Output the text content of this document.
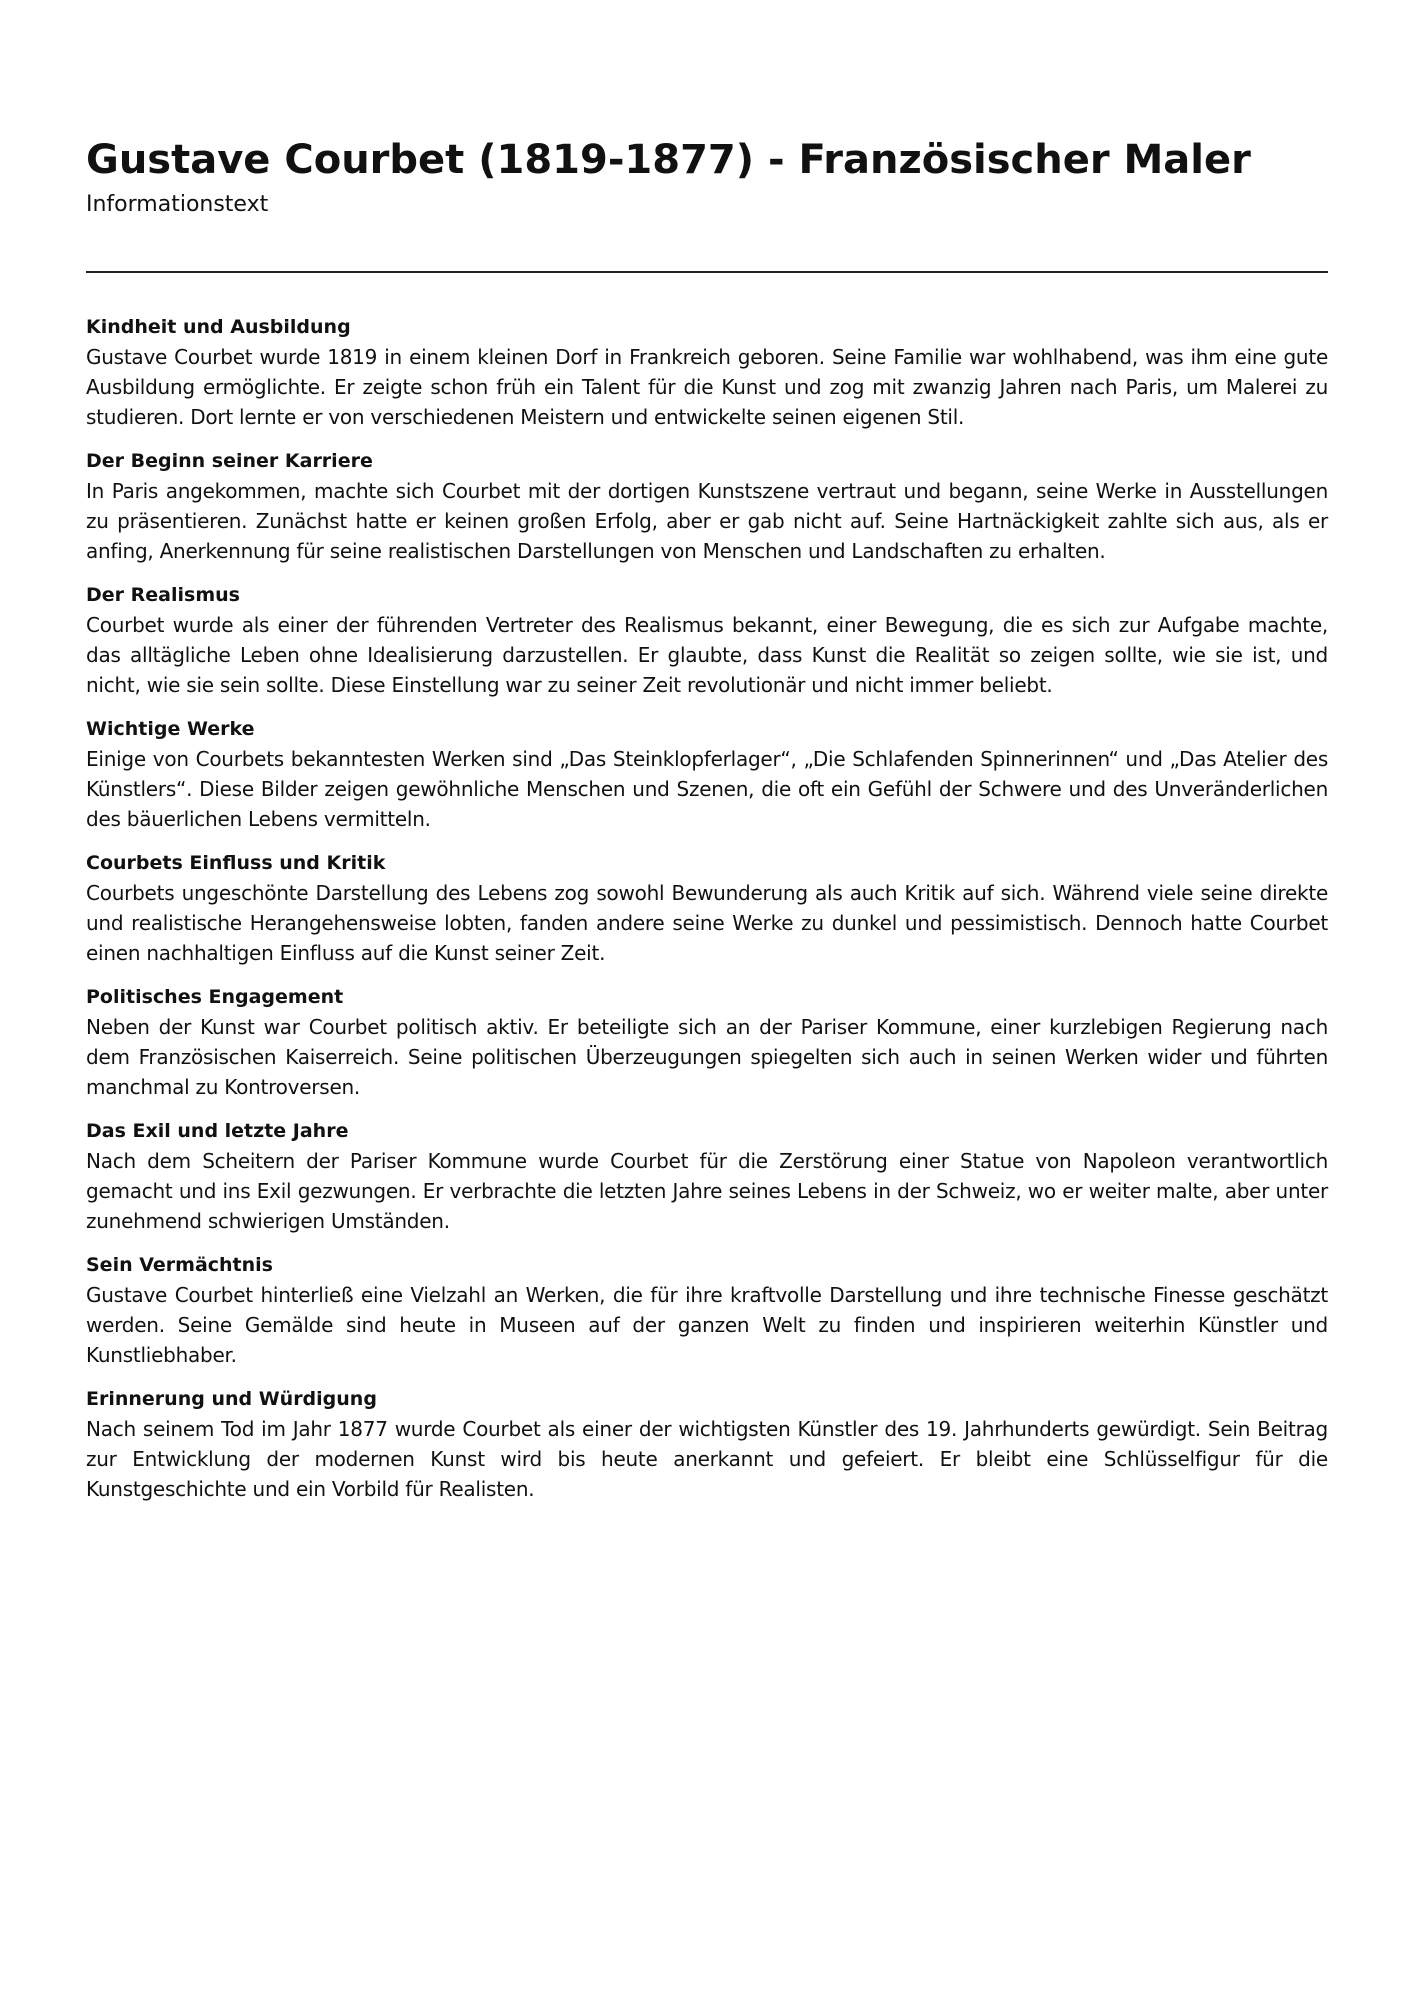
Gustave Courbet (1819-1877) - Französischer Maler
Informationstext
Kindheit und Ausbildung

Gustave Courbet wurde 1819 in einem kleinen Dorf in Frankreich geboren. Seine Familie war wohlhabend, was ihm eine gute Ausbildung ermöglichte. Er zeigte schon früh ein Talent für die Kunst und zog mit zwanzig Jahren nach Paris, um Malerei zu studieren. Dort lernte er von verschiedenen Meistern und entwickelte seinen eigenen Stil.

Der Beginn seiner Karriere

In Paris angekommen, machte sich Courbet mit der dortigen Kunstszene vertraut und begann, seine Werke in Ausstellungen zu präsentieren. Zunächst hatte er keinen großen Erfolg, aber er gab nicht auf. Seine Hartnäckigkeit zahlte sich aus, als er anfing, Anerkennung für seine realistischen Darstellungen von Menschen und Landschaften zu erhalten.

Der Realismus

Courbet wurde als einer der führenden Vertreter des Realismus bekannt, einer Bewegung, die es sich zur Aufgabe machte, das alltägliche Leben ohne Idealisierung darzustellen. Er glaubte, dass Kunst die Realität so zeigen sollte, wie sie ist, und nicht, wie sie sein sollte. Diese Einstellung war zu seiner Zeit revolutionär und nicht immer beliebt.

Wichtige Werke

Einige von Courbets bekanntesten Werken sind „Das Steinklopferlager“, „Die Schlafenden Spinnerinnen“ und „Das Atelier des Künstlers“. Diese Bilder zeigen gewöhnliche Menschen und Szenen, die oft ein Gefühl der Schwere und des Unveränderlichen des bäuerlichen Lebens vermitteln.

Courbets Einfluss und Kritik

Courbets ungeschönte Darstellung des Lebens zog sowohl Bewunderung als auch Kritik auf sich. Während viele seine direkte und realistische Herangehensweise lobten, fanden andere seine Werke zu dunkel und pessimistisch. Dennoch hatte Courbet einen nachhaltigen Einfluss auf die Kunst seiner Zeit.

Politisches Engagement

Neben der Kunst war Courbet politisch aktiv. Er beteiligte sich an der Pariser Kommune, einer kurzlebigen Regierung nach dem Französischen Kaiserreich. Seine politischen Überzeugungen spiegelten sich auch in seinen Werken wider und führten manchmal zu Kontroversen.

Das Exil und letzte Jahre

Nach dem Scheitern der Pariser Kommune wurde Courbet für die Zerstörung einer Statue von Napoleon verantwortlich gemacht und ins Exil gezwungen. Er verbrachte die letzten Jahre seines Lebens in der Schweiz, wo er weiter malte, aber unter zunehmend schwierigen Umständen.

Sein Vermächtnis

Gustave Courbet hinterließ eine Vielzahl an Werken, die für ihre kraftvolle Darstellung und ihre technische Finesse geschätzt werden. Seine Gemälde sind heute in Museen auf der ganzen Welt zu finden und inspirieren weiterhin Künstler und Kunstliebhaber.

Erinnerung und Würdigung

Nach seinem Tod im Jahr 1877 wurde Courbet als einer der wichtigsten Künstler des 19. Jahrhunderts gewürdigt. Sein Beitrag zur Entwicklung der modernen Kunst wird bis heute anerkannt und gefeiert. Er bleibt eine Schlüsselfigur für die Kunstgeschichte und ein Vorbild für Realisten.
